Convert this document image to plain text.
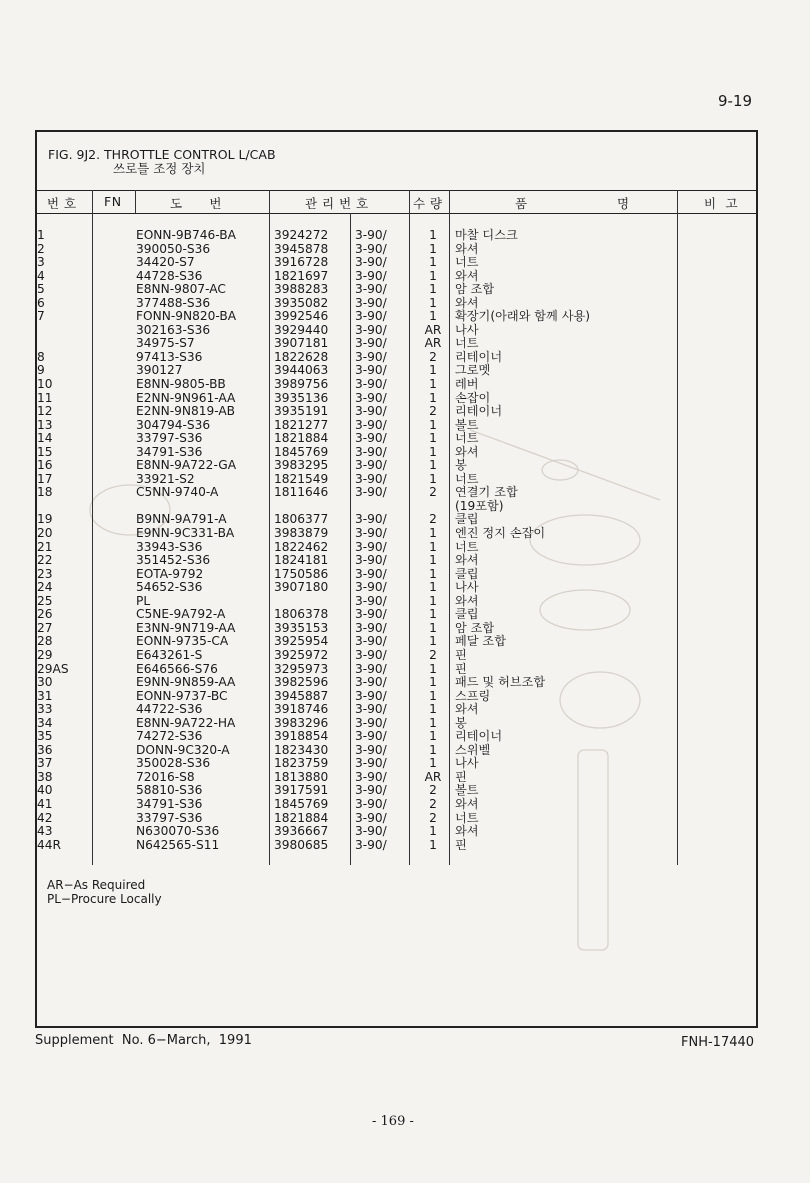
9-19
FIG. 9J2. THROTTLE CONTROL L/CAB
쓰로틀 조정 장치
번 호 FN	도      번	관 리 번 호	수 량	품                    명	비  고
1		EONN-9B746-BA	3924272	3-90/	1	마찰 디스크
2		390050-S36	3945878	3-90/	1	와셔
3		34420-S7	3916728	3-90/	1	너트
4		44728-S36	1821697	3-90/	1	와셔
5		E8NN-9807-AC	3988283	3-90/	1	암 조합
6		377488-S36	3935082	3-90/	1	와셔
7		FONN-9N820-BA	3992546	3-90/	1	확장기(아래와 함께 사용)
		302163-S36	3929440	3-90/	AR	나사
		34975-S7	3907181	3-90/	AR	너트
8		97413-S36	1822628	3-90/	2	리테이너
9		390127	3944063	3-90/	1	그로멧
10		E8NN-9805-BB	3989756	3-90/	1	레버
11		E2NN-9N961-AA	3935136	3-90/	1	손잡이
12		E2NN-9N819-AB	3935191	3-90/	2	리테이너
13		304794-S36	1821277	3-90/	1	볼트
14		33797-S36	1821884	3-90/	1	너트
15		34791-S36	1845769	3-90/	1	와셔
16		E8NN-9A722-GA	3983295	3-90/	1	봉
17		33921-S2	1821549	3-90/	1	너트
18		C5NN-9740-A	1811646	3-90/	2	연결기 조합
						(19포함)
19		B9NN-9A791-A	1806377	3-90/	2	클립
20		E9NN-9C331-BA	3983879	3-90/	1	엔진 정지 손잡이
21		33943-S36	1822462	3-90/	1	너트
22		351452-S36	1824181	3-90/	1	와셔
23		EOTA-9792	1750586	3-90/	1	클립
24		54652-S36	3907180	3-90/	1	나사
25		PL		3-90/	1	와셔
26		C5NE-9A792-A	1806378	3-90/	1	클립
27		E3NN-9N719-AA	3935153	3-90/	1	암 조합
28		EONN-9735-CA	3925954	3-90/	1	페달 조합
29		E643261-S	3925972	3-90/	2	핀
29AS		E646566-S76	3295973	3-90/	1	핀
30		E9NN-9N859-AA	3982596	3-90/	1	패드 및 허브조합
31		EONN-9737-BC	3945887	3-90/	1	스프링
33		44722-S36	3918746	3-90/	1	와셔
34		E8NN-9A722-HA	3983296	3-90/	1	봉
35		74272-S36	3918854	3-90/	1	리테이너
36		DONN-9C320-A	1823430	3-90/	1	스위벨
37		350028-S36	1823759	3-90/	1	나사
38		72016-S8	1813880	3-90/	AR	핀
40		58810-S36	3917591	3-90/	2	볼트
41		34791-S36	1845769	3-90/	2	와셔
42		33797-S36	1821884	3-90/	2	너트
43		N630070-S36	3936667	3-90/	1	와셔
44R		N642565-S11	3980685	3-90/	1	핀
AR−As Required
PL−Procure Locally
Supplement  No. 6−March,  1991	FNH-17440
- 169 -
